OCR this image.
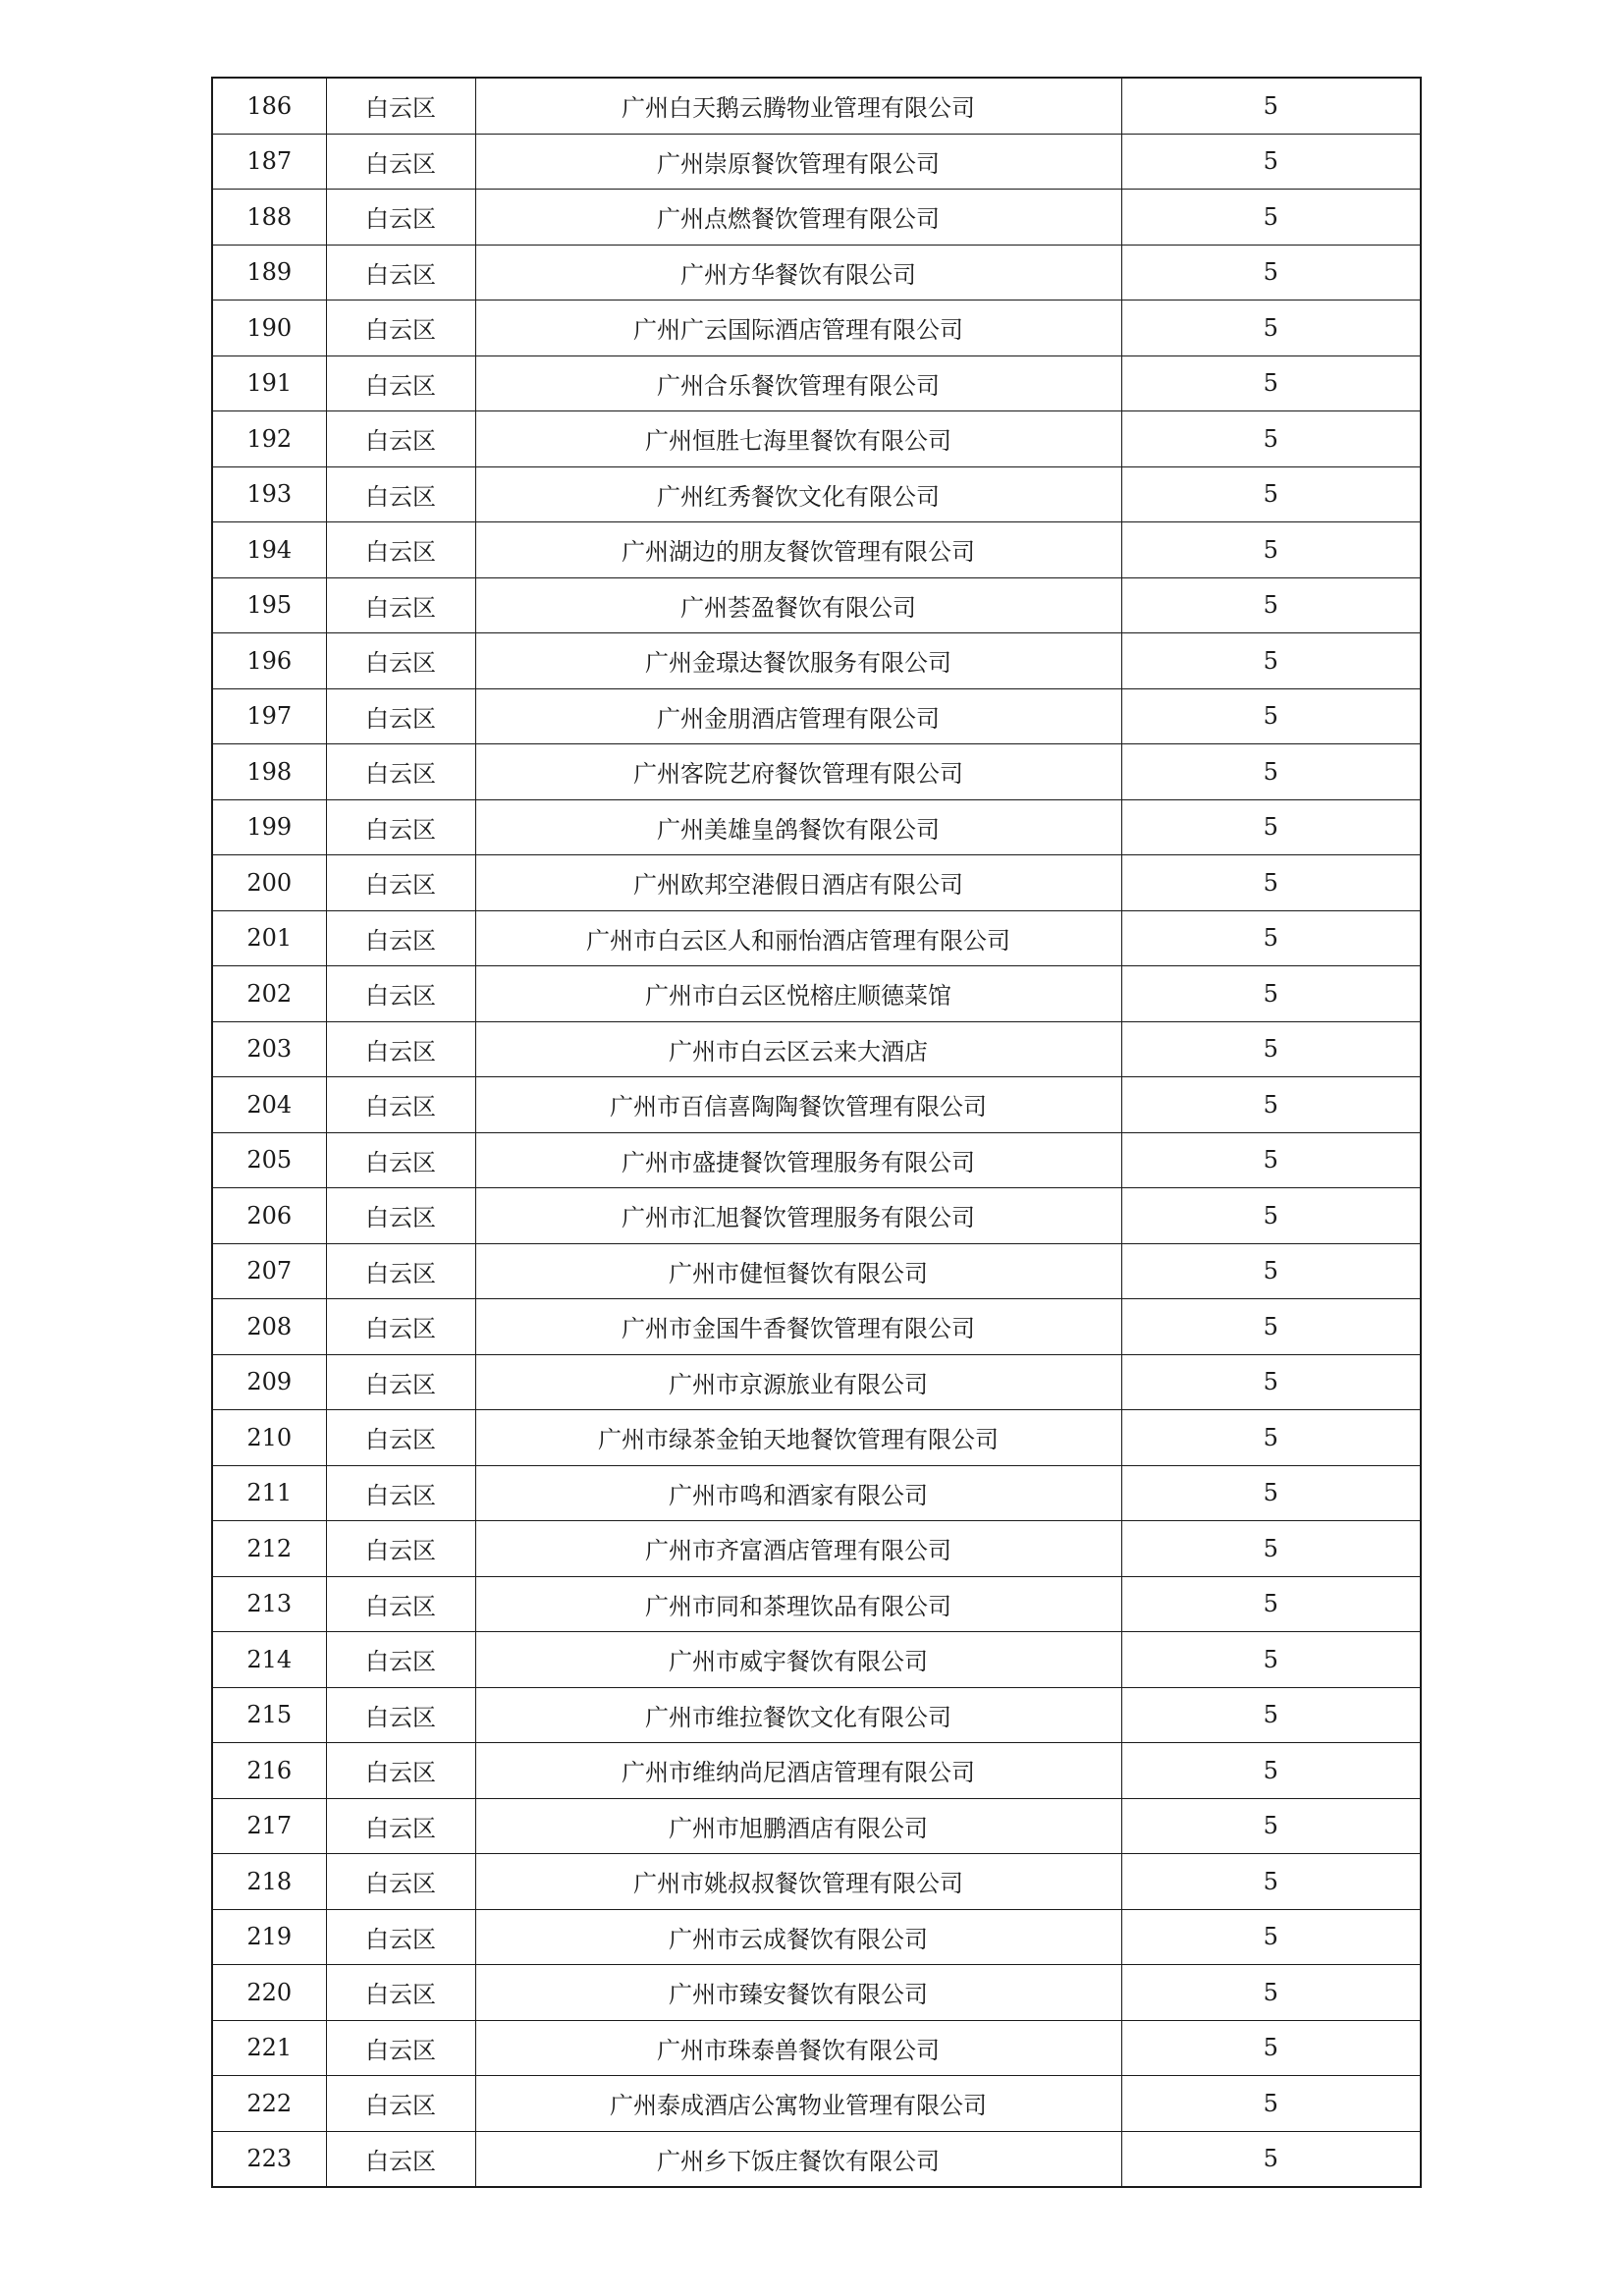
186	白云区	广州白天鹅云腾物业管理有限公司	5
187	白云区	广州崇原餐饮管理有限公司	5
188	白云区	广州点燃餐饮管理有限公司	5
189	白云区	广州方华餐饮有限公司	5
190	白云区	广州广云国际酒店管理有限公司	5
191	白云区	广州合乐餐饮管理有限公司	5
192	白云区	广州恒胜七海里餐饮有限公司	5
193	白云区	广州红秀餐饮文化有限公司	5
194	白云区	广州湖边的朋友餐饮管理有限公司	5
195	白云区	广州荟盈餐饮有限公司	5
196	白云区	广州金璟达餐饮服务有限公司	5
197	白云区	广州金朋酒店管理有限公司	5
198	白云区	广州客院艺府餐饮管理有限公司	5
199	白云区	广州美雄皇鸽餐饮有限公司	5
200	白云区	广州欧邦空港假日酒店有限公司	5
201	白云区	广州市白云区人和丽怡酒店管理有限公司	5
202	白云区	广州市白云区悦榕庄顺德菜馆	5
203	白云区	广州市白云区云来大酒店	5
204	白云区	广州市百信喜陶陶餐饮管理有限公司	5
205	白云区	广州市盛捷餐饮管理服务有限公司	5
206	白云区	广州市汇旭餐饮管理服务有限公司	5
207	白云区	广州市健恒餐饮有限公司	5
208	白云区	广州市金国牛香餐饮管理有限公司	5
209	白云区	广州市京源旅业有限公司	5
210	白云区	广州市绿茶金铂天地餐饮管理有限公司	5
211	白云区	广州市鸣和酒家有限公司	5
212	白云区	广州市齐富酒店管理有限公司	5
213	白云区	广州市同和茶理饮品有限公司	5
214	白云区	广州市威宇餐饮有限公司	5
215	白云区	广州市维拉餐饮文化有限公司	5
216	白云区	广州市维纳尚尼酒店管理有限公司	5
217	白云区	广州市旭鹏酒店有限公司	5
218	白云区	广州市姚叔叔餐饮管理有限公司	5
219	白云区	广州市云成餐饮有限公司	5
220	白云区	广州市臻安餐饮有限公司	5
221	白云区	广州市珠泰兽餐饮有限公司	5
222	白云区	广州泰成酒店公寓物业管理有限公司	5
223	白云区	广州乡下饭庄餐饮有限公司	5
